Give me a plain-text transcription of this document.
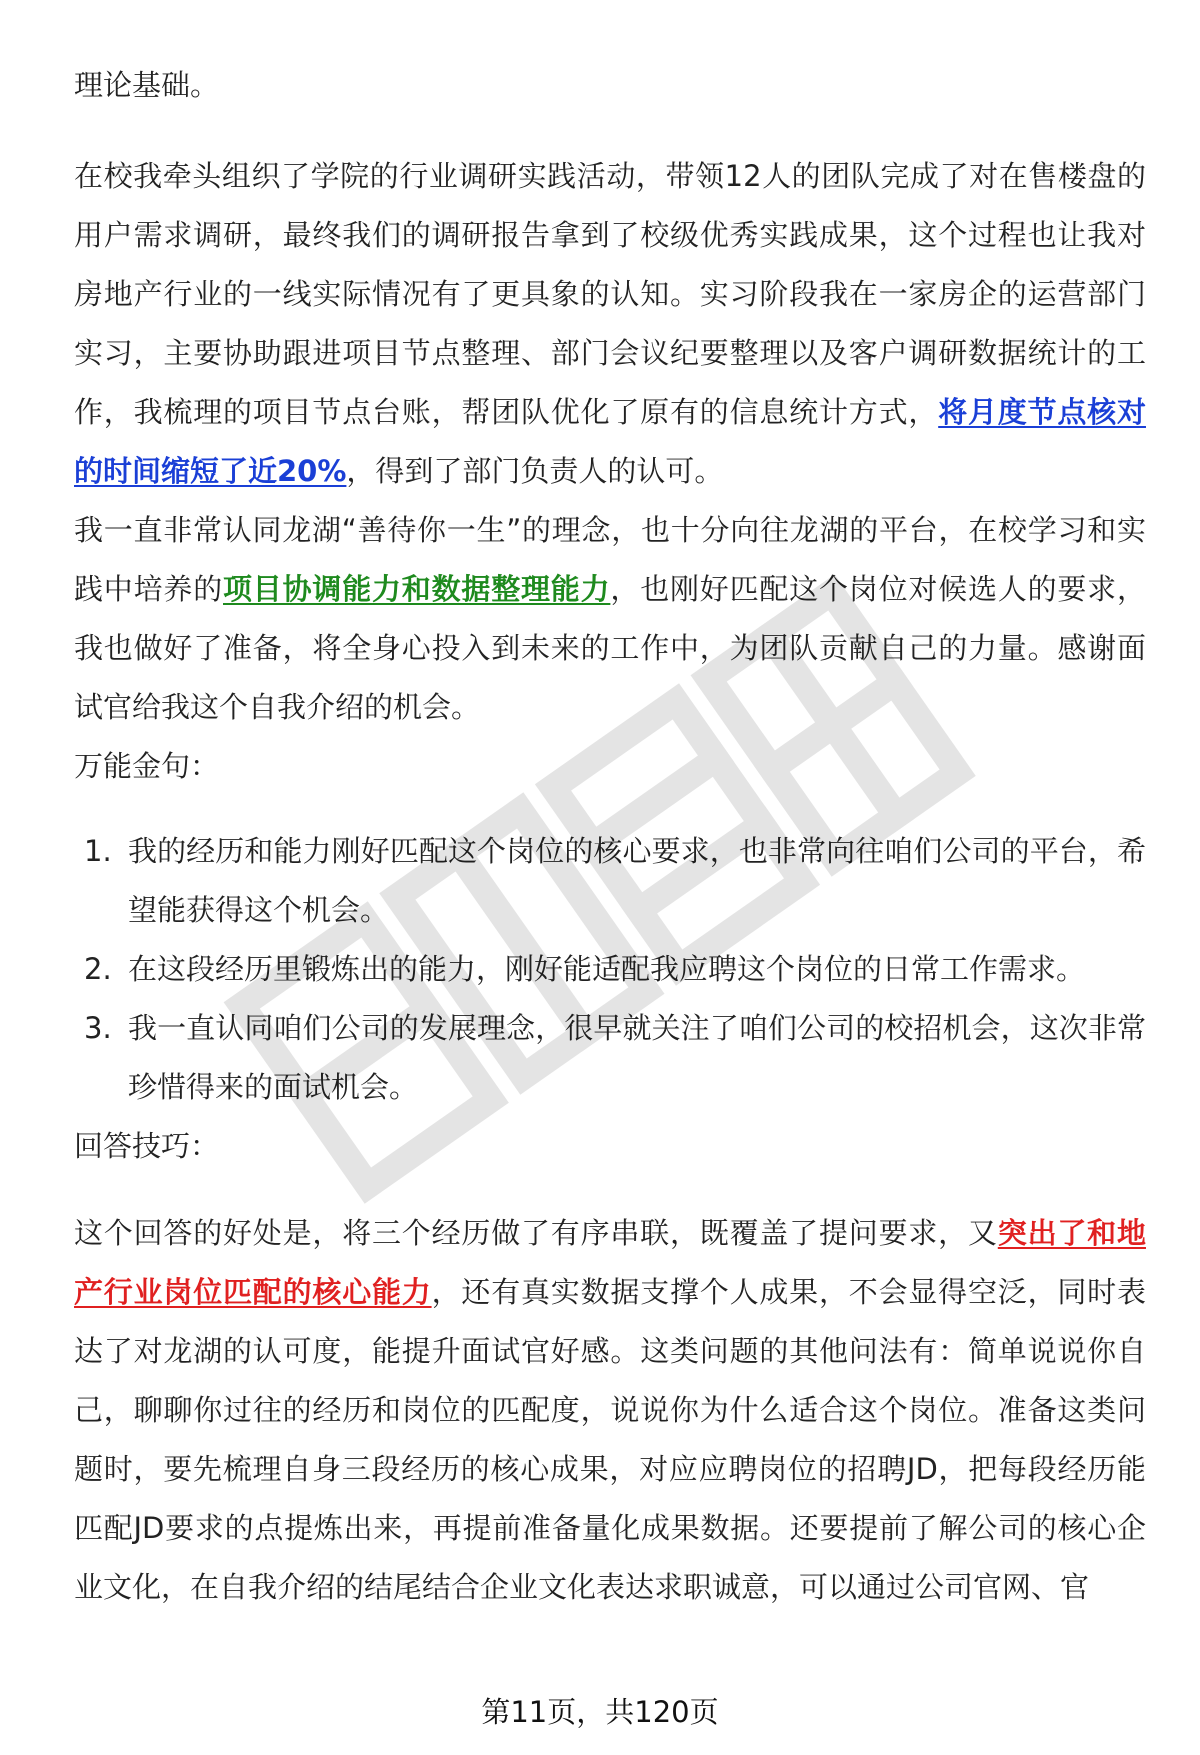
理论基础。

在校我牵头组织了学院的行业调研实践活动，带领12人的团队完成了对在售楼盘的用户需求调研，最终我们的调研报告拿到了校级优秀实践成果，这个过程也让我对房地产行业的一线实际情况有了更具象的认知。实习阶段我在一家房企的运营部门实习，主要协助跟进项目节点整理、部门会议纪要整理以及客户调研数据统计的工作，我梳理的项目节点台账，帮团队优化了原有的信息统计方式，将月度节点核对的时间缩短了近20%，得到了部门负责人的认可。

我一直非常认同龙湖“善待你一生”的理念，也十分向往龙湖的平台，在校学习和实践中培养的项目协调能力和数据整理能力，也刚好匹配这个岗位对候选人的要求，我也做好了准备，将全身心投入到未来的工作中，为团队贡献自己的力量。感谢面试官给我这个自我介绍的机会。

万能金句：

1. 我的经历和能力刚好匹配这个岗位的核心要求，也非常向往咱们公司的平台，希望能获得这个机会。
2. 在这段经历里锻炼出的能力，刚好能适配我应聘这个岗位的日常工作需求。
3. 我一直认同咱们公司的发展理念，很早就关注了咱们公司的校招机会，这次非常珍惜得来的面试机会。

回答技巧：

这个回答的好处是，将三个经历做了有序串联，既覆盖了提问要求，又突出了和地产行业岗位匹配的核心能力，还有真实数据支撑个人成果，不会显得空泛，同时表达了对龙湖的认可度，能提升面试官好感。这类问题的其他问法有：简单说说你自己，聊聊你过往的经历和岗位的匹配度，说说你为什么适合这个岗位。准备这类问题时，要先梳理自身三段经历的核心成果，对应应聘岗位的招聘JD，把每段经历能匹配JD要求的点提炼出来，再提前准备量化成果数据。还要提前了解公司的核心企业文化，在自我介绍的结尾结合企业文化表达求职诚意，可以通过公司官网、官

第11页，共120页
